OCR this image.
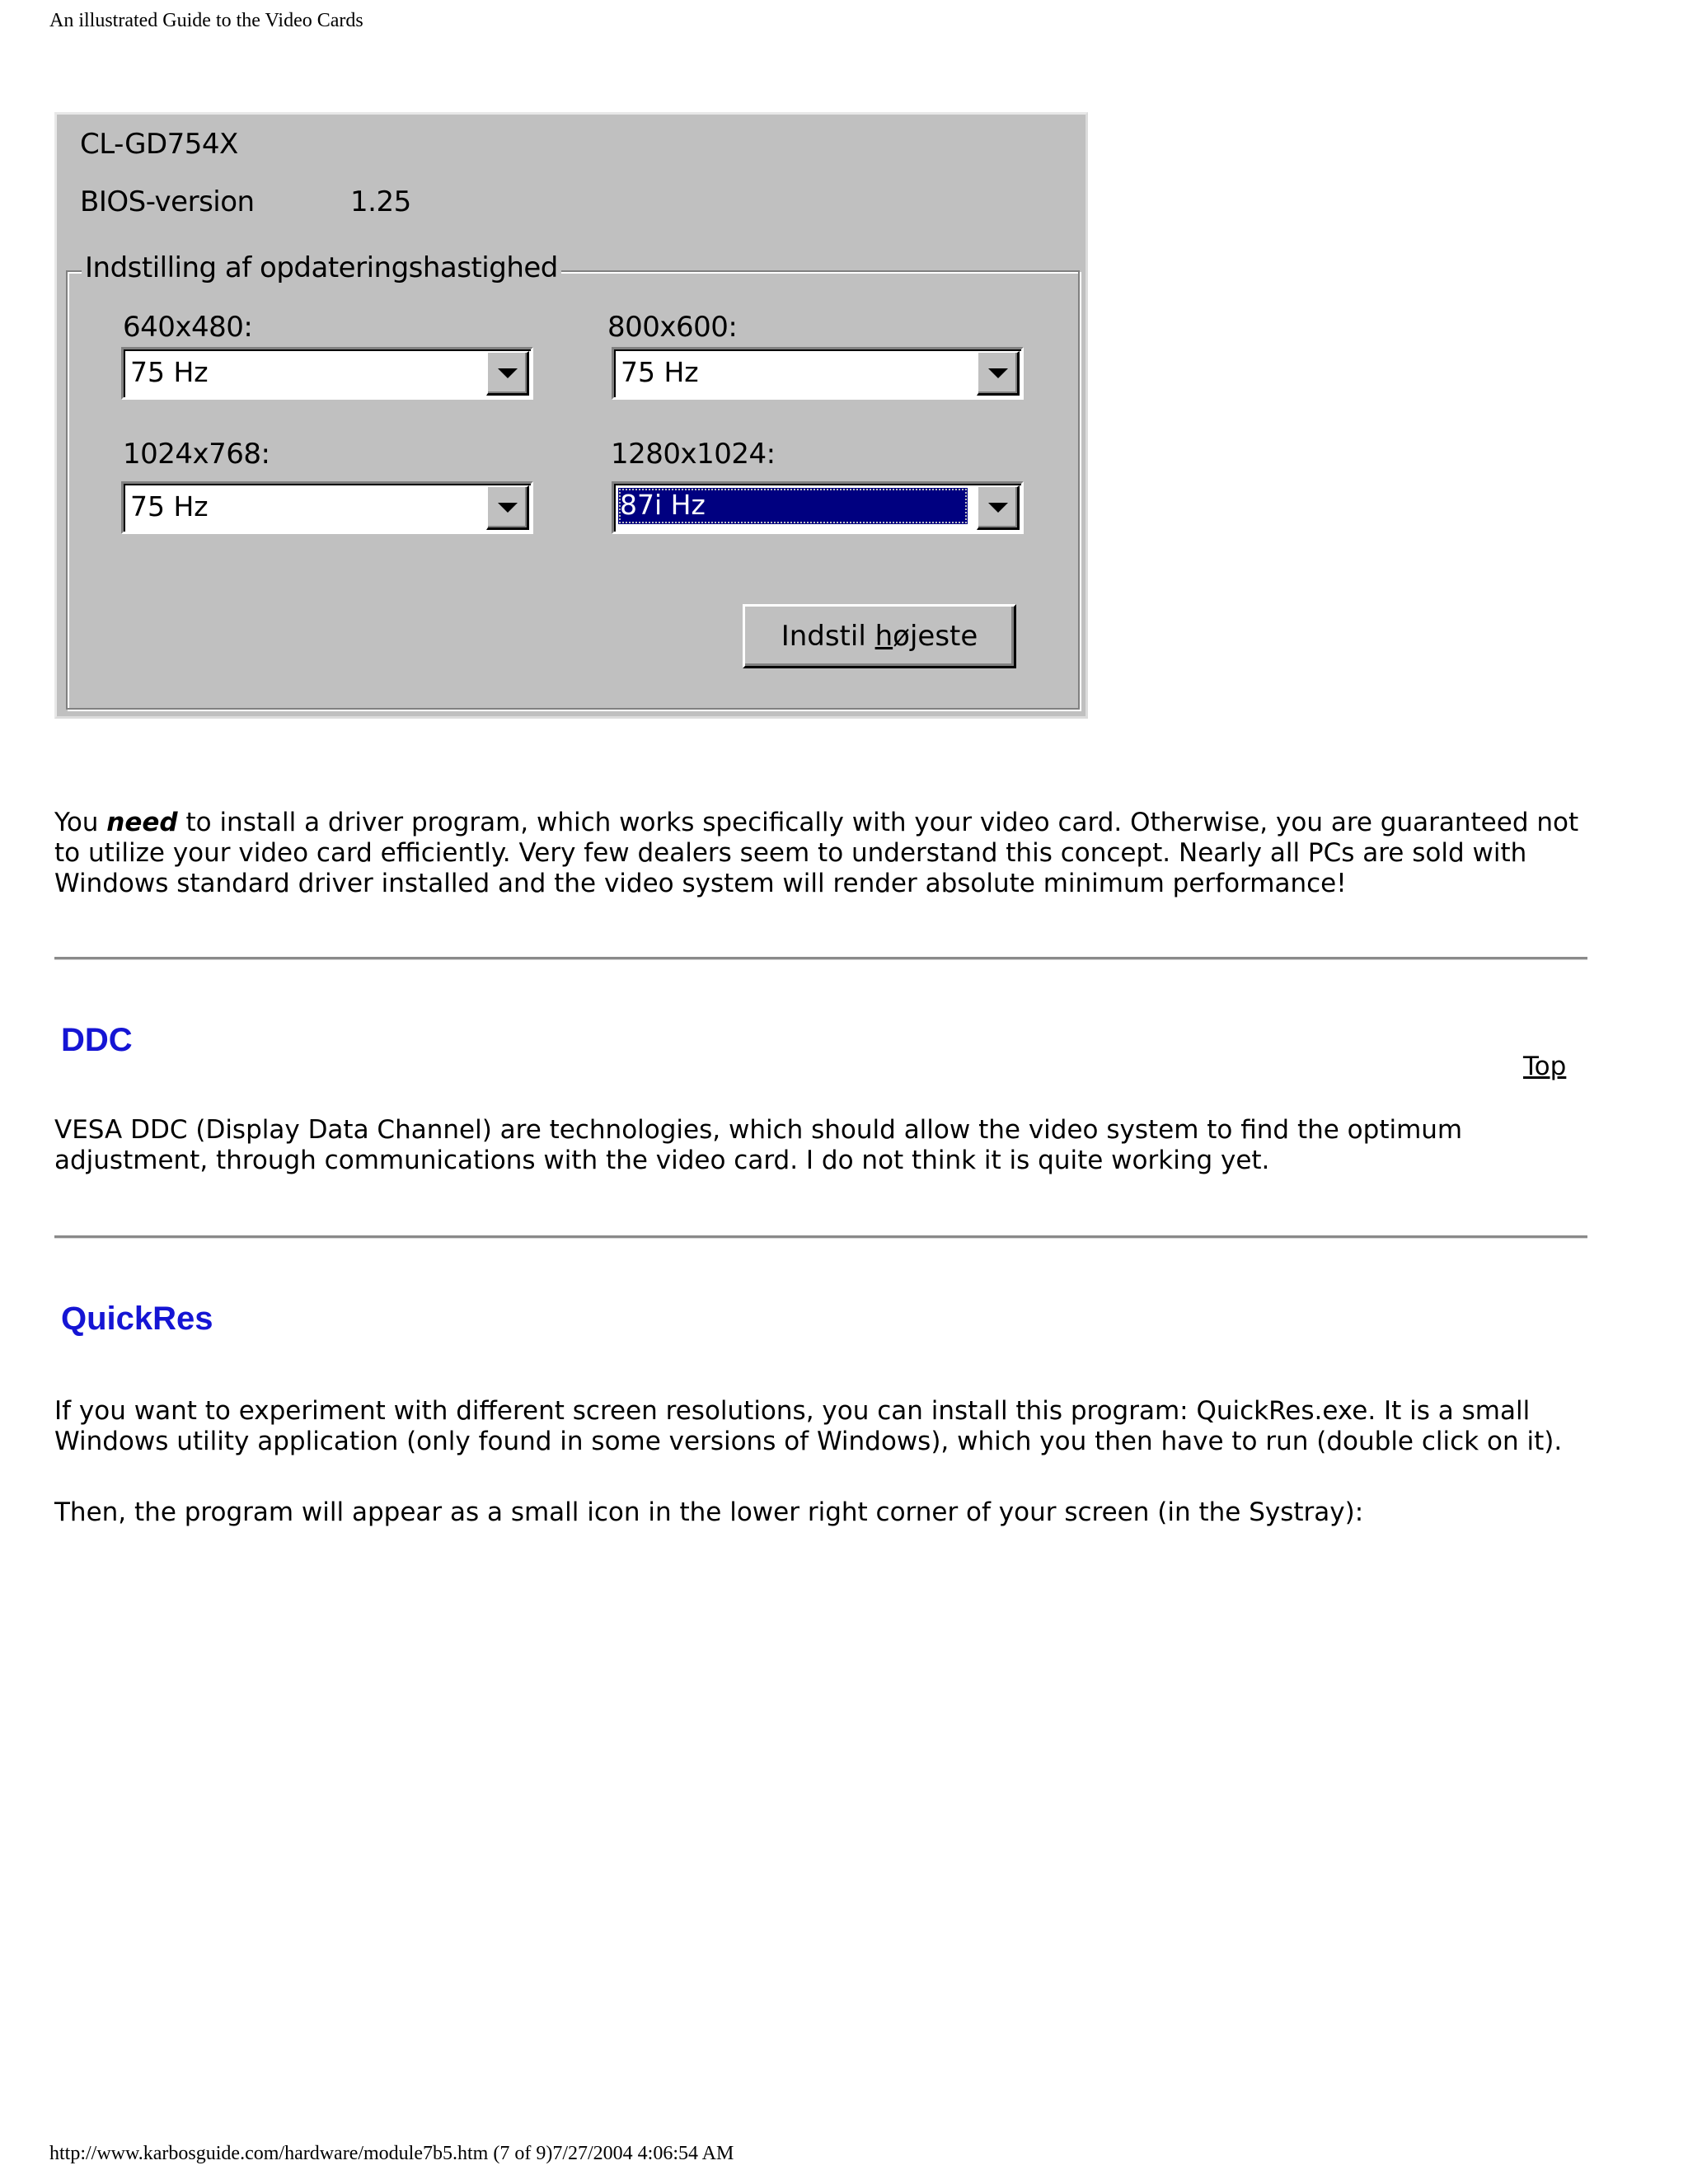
An illustrated Guide to the Video Cards
CL-GD754X
BIOS-version	1.25
Indstilling af opdateringshastighed
640x480:
75 Hz
800x600:
75 Hz
1024x768:
75 Hz
1280x1024:
87i Hz
Indstil højeste
You need to install a driver program, which works specifically with your video card. Otherwise, you are guaranteed not to utilize your video card efficiently. Very few dealers seem to understand this concept. Nearly all PCs are sold with Windows standard driver installed and the video system will render absolute minimum performance!
DDC
Top
VESA DDC (Display Data Channel) are technologies, which should allow the video system to find the optimum adjustment, through communications with the video card. I do not think it is quite working yet.
QuickRes
If you want to experiment with different screen resolutions, you can install this program: QuickRes.exe. It is a small Windows utility application (only found in some versions of Windows), which you then have to run (double click on it).
Then, the program will appear as a small icon in the lower right corner of your screen (in the Systray):
http://www.karbosguide.com/hardware/module7b5.htm (7 of 9)7/27/2004 4:06:54 AM
